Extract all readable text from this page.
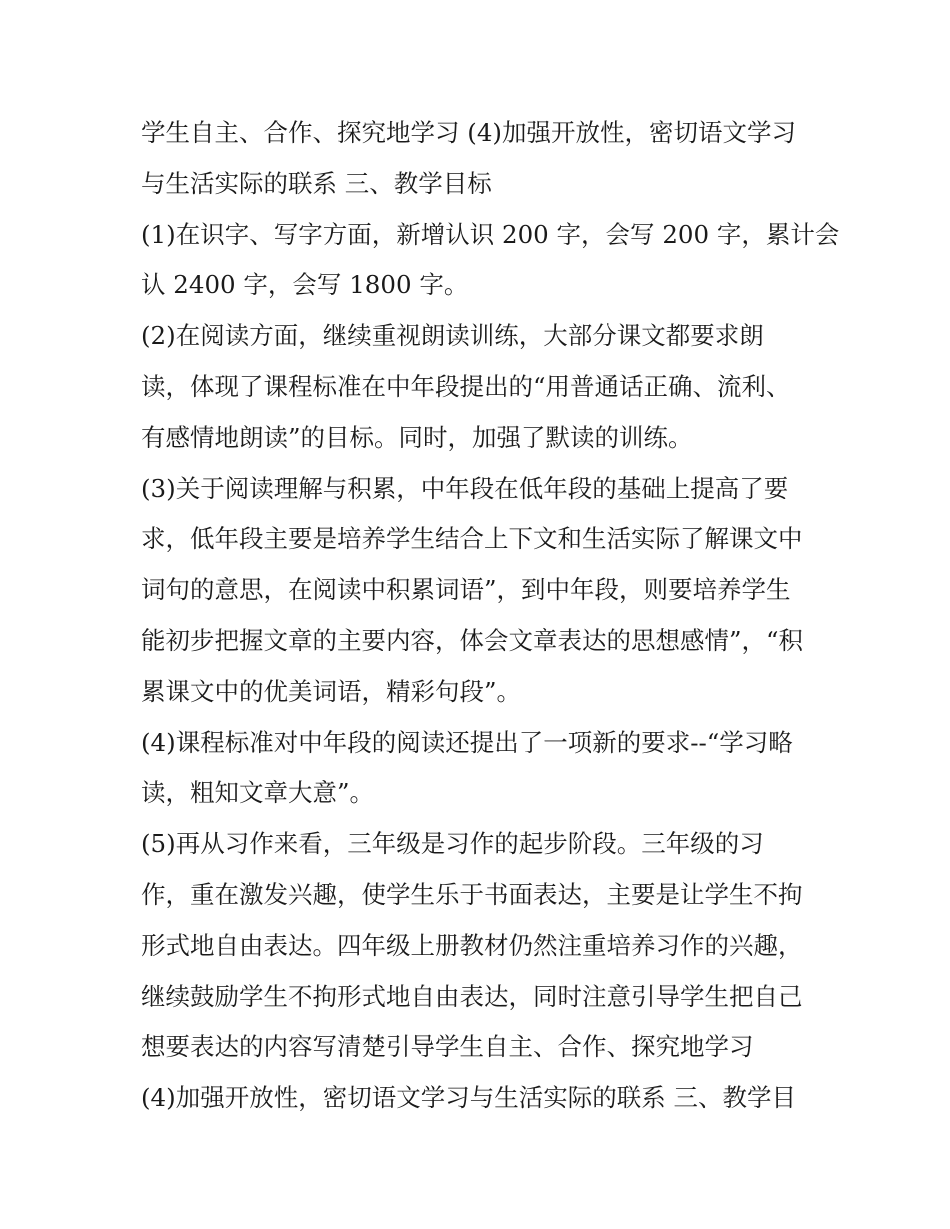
学生自主、合作、探究地学习 (4)加强开放性，密切语文学习
与生活实际的联系 三、教学目标
(1)在识字、写字方面，新增认识 200 字，会写 200 字，累计会
认 2400 字，会写 1800 字。
(2)在阅读方面，继续重视朗读训练，大部分课文都要求朗
读，体现了课程标准在中年段提出的“用普通话正确、流利、
有感情地朗读”的目标。同时，加强了默读的训练。
(3)关于阅读理解与积累，中年段在低年段的基础上提高了要
求，低年段主要是培养学生结合上下文和生活实际了解课文中
词句的意思，在阅读中积累词语”，到中年段，则要培养学生
能初步把握文章的主要内容，体会文章表达的思想感情”，“积
累课文中的优美词语，精彩句段”。
(4)课程标准对中年段的阅读还提出了一项新的要求--“学习略
读，粗知文章大意”。
(5)再从习作来看，三年级是习作的起步阶段。三年级的习
作，重在激发兴趣，使学生乐于书面表达，主要是让学生不拘
形式地自由表达。四年级上册教材仍然注重培养习作的兴趣，
继续鼓励学生不拘形式地自由表达，同时注意引导学生把自己
想要表达的内容写清楚引导学生自主、合作、探究地学习
(4)加强开放性，密切语文学习与生活实际的联系 三、教学目
